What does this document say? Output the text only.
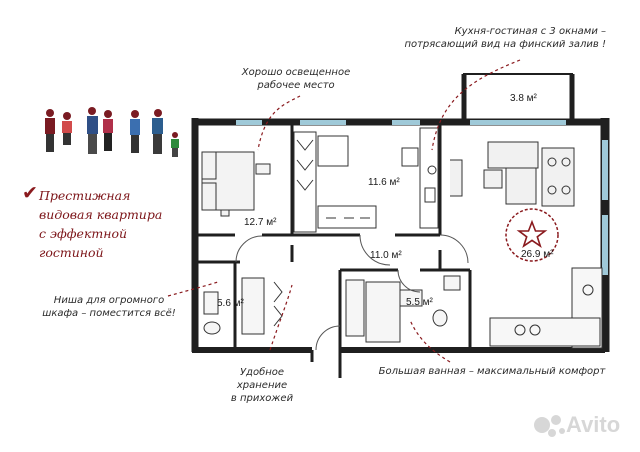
3.8 м²
12.7 м²
11.6 м²
26.9 м²
11.0 м²
5.6 м²	5.5 м²
Кухня-гостиная с 3 окнами –
потрясающий вид на финский залив !
Хорошо освещенное
рабочее место
✔ Престижная
видовая квартира
с эффектной
гостиной
Ниша для огромного
шкафа – поместится всё!
Удобное
хранение
в прихожей
Большая ванная – максимальный комфорт
Avito
